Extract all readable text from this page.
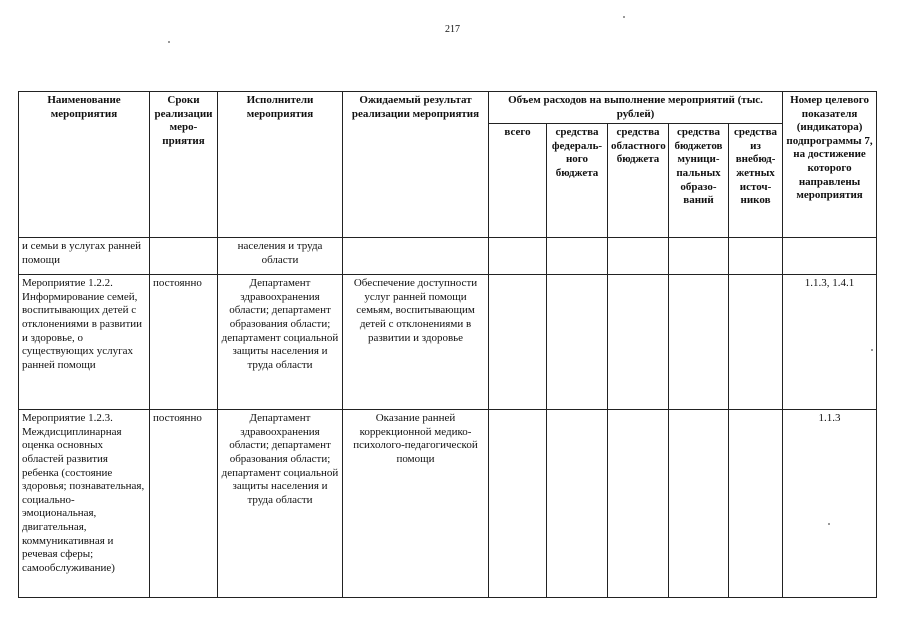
217
Наименование мероприятия	Сроки реализации меро-приятия	Исполнители мероприятия	Ожидаемый результат реализации мероприятия	Объем расходов на выполнение мероприятий (тыс. рублей)					Номер целевого показателя (индикатора) подпрограммы 7, на достижение которого направлены мероприятия
				всего	средства федераль-ного бюджета	средства областного бюджета	средства бюджетов муници-пальных образо-ваний	средства из внебюд-жетных источ-ников	
и семьи в услугах ранней помощи		населения и труда области							
Мероприятие 1.2.2. Информирование семей, воспитывающих детей с отклонениями в развитии и здоровье, о существующих услугах ранней помощи	постоянно	Департамент здравоохранения области; департамент образования области; департамент социальной защиты населения и труда области	Обеспечение доступности услуг ранней помощи семьям, воспитывающим детей с отклонениями в развитии и здоровье						1.1.3, 1.4.1
Мероприятие 1.2.3. Междисциплинарная оценка основных областей развития ребенка (состояние здоровья; познавательная, социально-эмоциональная, двигательная, коммуникативная и речевая сферы; самообслуживание)	постоянно	Департамент здравоохранения области; департамент образования области; департамент социальной защиты населения и труда области	Оказание ранней коррекционной медико-психолого-педагогической помощи						1.1.3
